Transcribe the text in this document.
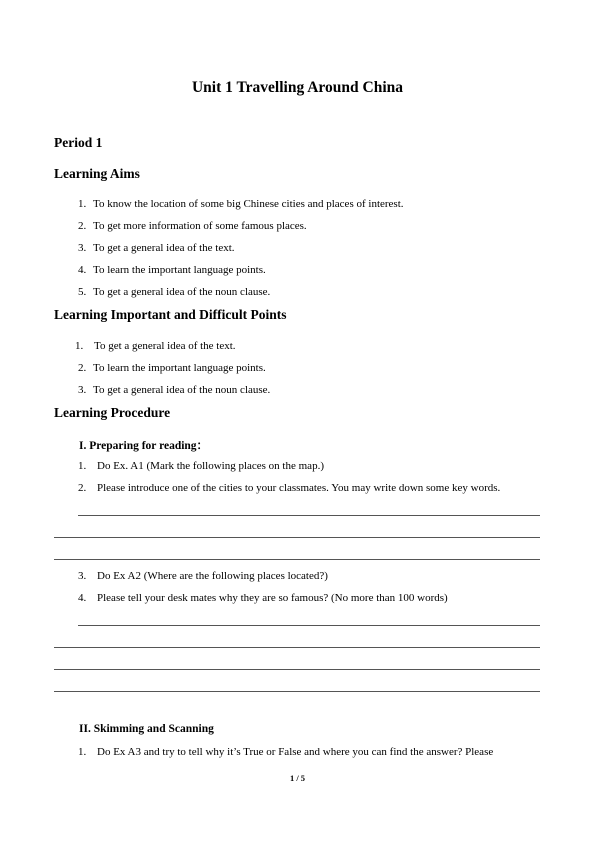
Unit 1 Travelling Around China
Period 1
Learning Aims
1. To know the location of some big Chinese cities and places of interest.
2. To get more information of some famous places.
3. To get a general idea of the text.
4. To learn the important language points.
5. To get a general idea of the noun clause.
Learning Important and Difficult Points
1. To get a general idea of the text.
2. To learn the important language points.
3. To get a general idea of the noun clause.
Learning Procedure
I. Preparing for reading：
1. Do Ex. A1 (Mark the following places on the map.)
2. Please introduce one of the cities to your classmates. You may write down some key words.
3. Do Ex A2 (Where are the following places located?)
4. Please tell your desk mates why they are so famous? (No more than 100 words)
II. Skimming and Scanning
1. Do Ex A3 and try to tell why it’s True or False and where you can find the answer? Please
1 / 5
